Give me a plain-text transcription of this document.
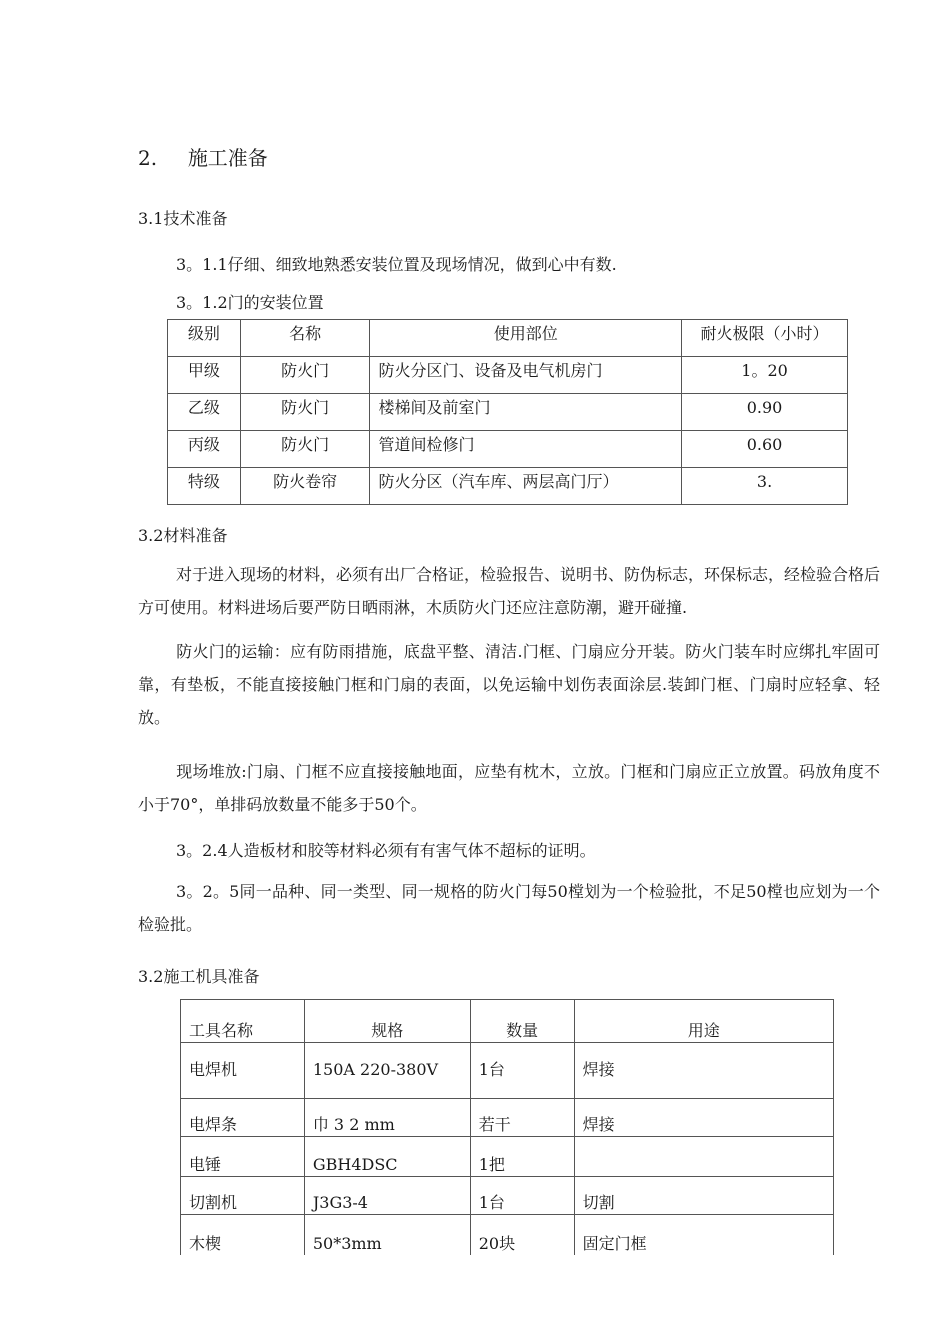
2. 施工准备
3.1技术准备
3。1.1仔细、细致地熟悉安装位置及现场情况，做到心中有数.
3。1.2门的安装位置
级别	名称	使用部位	耐火极限（小时）
甲级	防火门	防火分区门、设备及电气机房门	1。20
乙级	防火门	楼梯间及前室门	0.90
丙级	防火门	管道间检修门	0.60
特级	防火卷帘	防火分区（汽车库、两层高门厅）	3.
3.2材料准备
对于进入现场的材料，必须有出厂合格证，检验报告、说明书、防伪标志，环保标志，经检验合格后方可使用。材料进场后要严防日晒雨淋，木质防火门还应注意防潮，避开碰撞.
防火门的运输：应有防雨措施，底盘平整、清洁.门框、门扇应分开装。防火门装车时应绑扎牢固可靠，有垫板，不能直接接触门框和门扇的表面，以免运输中划伤表面涂层.装卸门框、门扇时应轻拿、轻放。
现场堆放:门扇、门框不应直接接触地面，应垫有枕木，立放。门框和门扇应正立放置。码放角度不小于70°，单排码放数量不能多于50个。
3。2.4人造板材和胶等材料必须有有害气体不超标的证明。
3。2。5同一品种、同一类型、同一规格的防火门每50樘划为一个检验批，不足50樘也应划为一个检验批。
3.2施工机具准备
工具名称	规格	数量	用途
电焊机	150A 220-380V	1台	焊接
电焊条	巾 3 2 mm	若干	焊接
电锤	GBH4DSC	1把	
切割机	J3G3-4	1台	切割
木楔	50*3mm	20块	固定门框
